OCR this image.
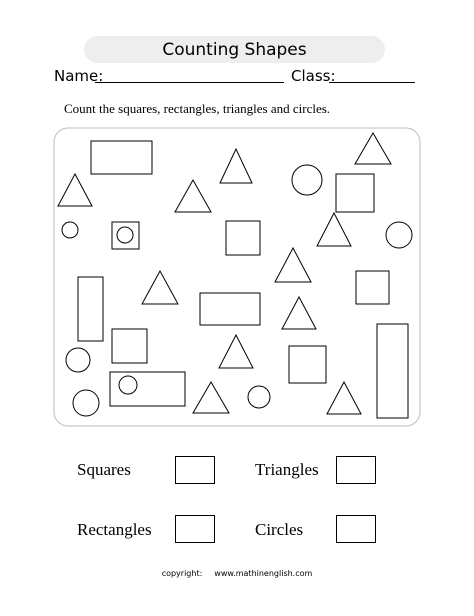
Counting Shapes
Name:	Class:
Count the squares, rectangles, triangles and circles.
Squares	Triangles
Rectangles	Circles
copyright: www.mathinenglish.com
